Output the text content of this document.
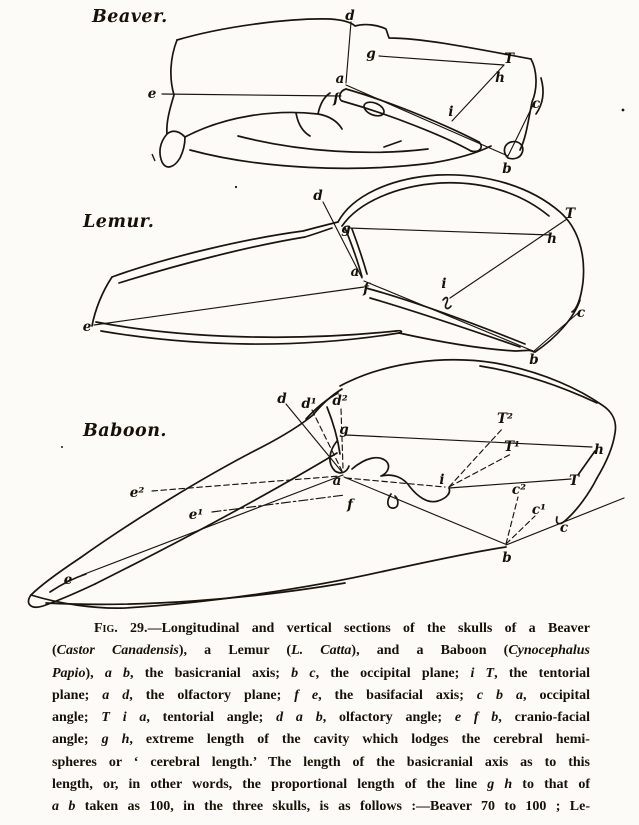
Beaver.	d
g	T
h
c
e
a
f
i
b
Lemur.
d
g
T
h
a
f
e
i
c
b
Baboon.
d d¹ d²
g
a
f
e²
e¹
e
i
T²
T¹
T
h
c²
c¹
c
b
Fig. 29.—Longitudinal and vertical sections of the skulls of a Beaver
(Castor Canadensis), a Lemur (L. Catta), and a Baboon (Cynocephalus
Papio), a b, the basicranial axis; b c, the occipital plane; i T, the tentorial
plane; a d, the olfactory plane; f e, the basifacial axis; c b a, occipital
angle; T i a, tentorial angle; d a b, olfactory angle; e f b, cranio-facial
angle; g h, extreme length of the cavity which lodges the cerebral hemi-
spheres or ‘ cerebral length.’ The length of the basicranial axis as to this
length, or, in other words, the proportional length of the line g h to that of
a b taken as 100, in the three skulls, is as follows :—Beaver 70 to 100 ; Le-
